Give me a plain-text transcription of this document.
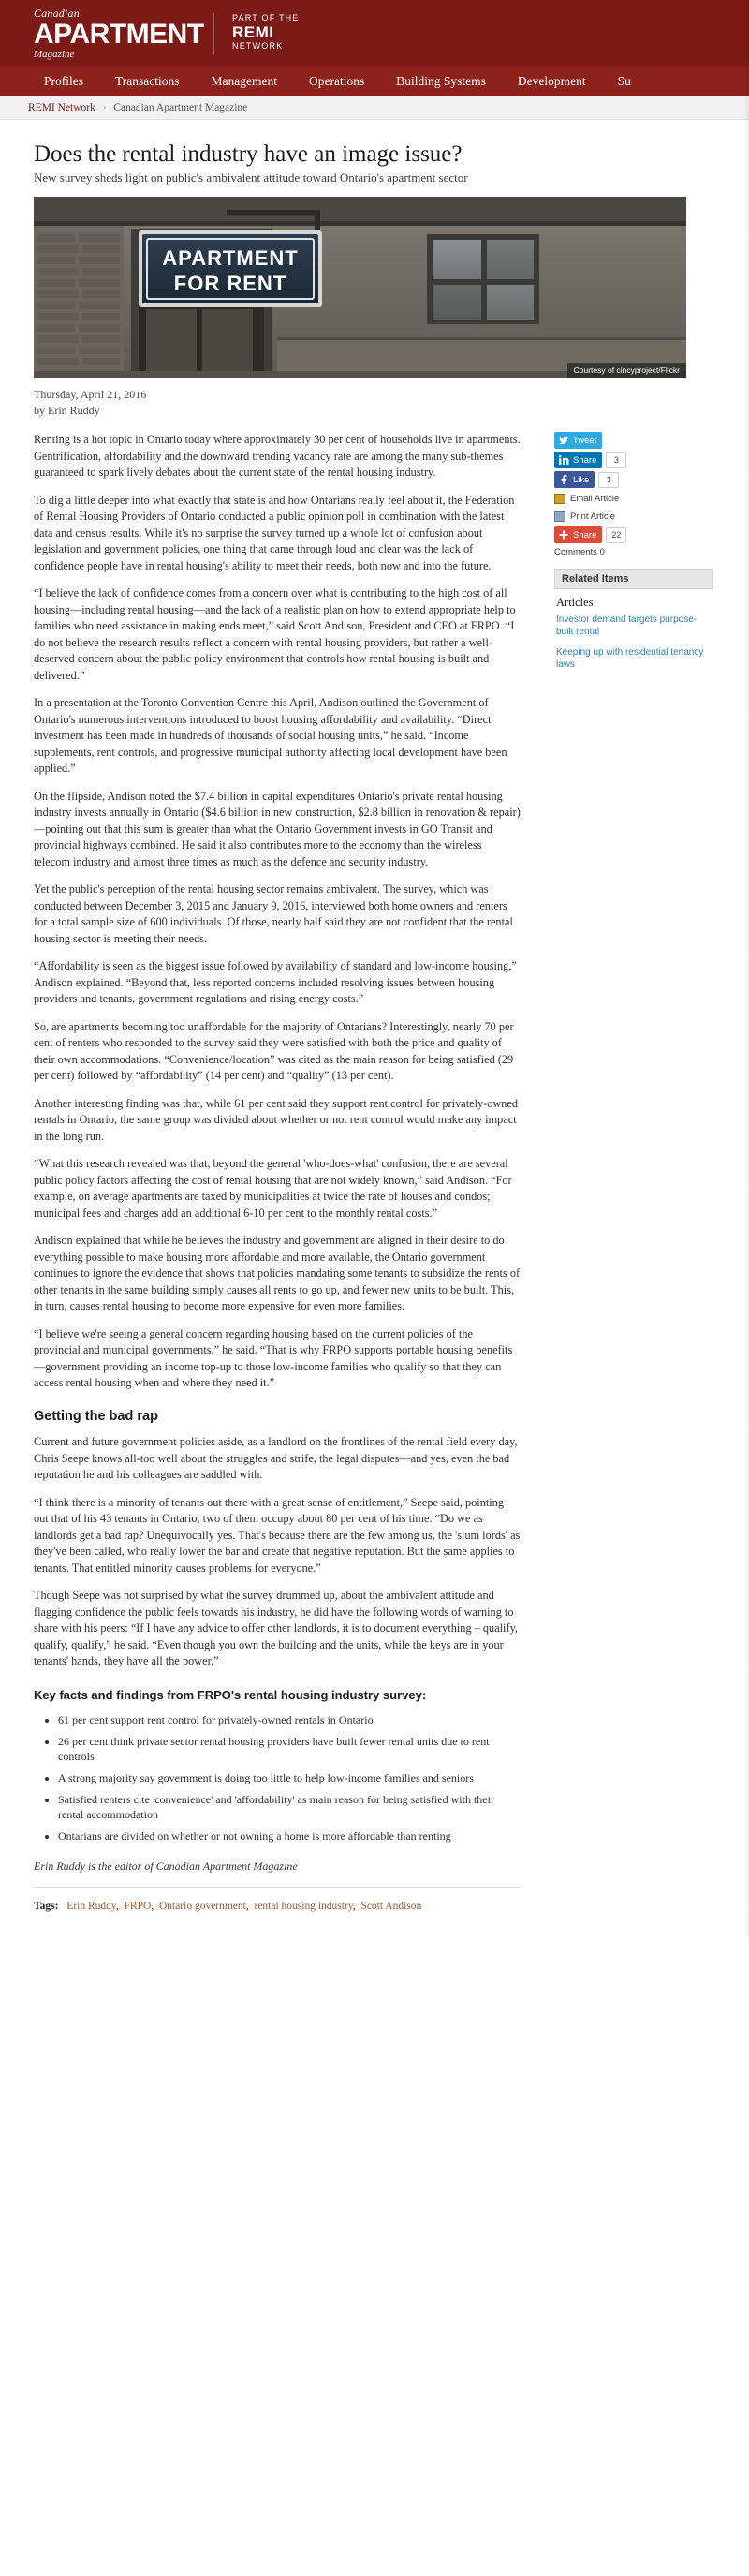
Canadian
APARTMENT
Magazine
PART OF THE
REMI
NETWORK
Profiles	Transactions	Management	Operations	Building Systems	Development	Su
REMI Network › Canadian Apartment Magazine
Does the rental industry have an image issue?
New survey sheds light on public's ambivalent attitude toward Ontario's apartment sector
APARTMENT
FOR RENT
Courtesy of cincyproject/Flickr
Thursday, April 21, 2016
by Erin Ruddy
Tweet
Share	3
Like	3
Email Article
Print Article
Share	22
Comments 0
Related Items
Articles
Investor demand targets purpose-built rental
Keeping up with residential tenancy laws

Renting is a hot topic in Ontario today where approximately 30 per cent of households live in apartments. Gentrification, affordability and the downward trending vacancy rate are among the many sub-themes guaranteed to spark lively debates about the current state of the rental housing industry.

To dig a little deeper into what exactly that state is and how Ontarians really feel about it, the Federation of Rental Housing Providers of Ontario conducted a public opinion poll in combination with the latest data and census results. While it's no surprise the survey turned up a whole lot of confusion about legislation and government policies, one thing that came through loud and clear was the lack of confidence people have in rental housing's ability to meet their needs, both now and into the future.

“I believe the lack of confidence comes from a concern over what is contributing to the high cost of all housing—including rental housing—and the lack of a realistic plan on how to extend appropriate help to families who need assistance in making ends meet,” said Scott Andison, President and CEO at FRPO. “I do not believe the research results reflect a concern with rental housing providers, but rather a well-deserved concern about the public policy environment that controls how rental housing is built and delivered.”

In a presentation at the Toronto Convention Centre this April, Andison outlined the Government of Ontario's numerous interventions introduced to boost housing affordability and availability. “Direct investment has been made in hundreds of thousands of social housing units,” he said. “Income supplements, rent controls, and progressive municipal authority affecting local development have been applied.”

On the flipside, Andison noted the $7.4 billion in capital expenditures Ontario's private rental housing industry invests annually in Ontario ($4.6 billion in new construction, $2.8 billion in renovation & repair)—pointing out that this sum is greater than what the Ontario Government invests in GO Transit and provincial highways combined. He said it also contributes more to the economy than the wireless telecom industry and almost three times as much as the defence and security industry.

Yet the public's perception of the rental housing sector remains ambivalent. The survey, which was conducted between December 3, 2015 and January 9, 2016, interviewed both home owners and renters for a total sample size of 600 individuals. Of those, nearly half said they are not confident that the rental housing sector is meeting their needs.

“Affordability is seen as the biggest issue followed by availability of standard and low-income housing,” Andison explained. “Beyond that, less reported concerns included resolving issues between housing providers and tenants, government regulations and rising energy costs.”

So, are apartments becoming too unaffordable for the majority of Ontarians? Interestingly, nearly 70 per cent of renters who responded to the survey said they were satisfied with both the price and quality of their own accommodations. “Convenience/location” was cited as the main reason for being satisfied (29 per cent) followed by “affordability” (14 per cent) and “quality” (13 per cent).

Another interesting finding was that, while 61 per cent said they support rent control for privately-owned rentals in Ontario, the same group was divided about whether or not rent control would make any impact in the long run.

“What this research revealed was that, beyond the general 'who-does-what' confusion, there are several public policy factors affecting the cost of rental housing that are not widely known,” said Andison. “For example, on average apartments are taxed by municipalities at twice the rate of houses and condos; municipal fees and charges add an additional 6-10 per cent to the monthly rental costs.”

Andison explained that while he believes the industry and government are aligned in their desire to do everything possible to make housing more affordable and more available, the Ontario government continues to ignore the evidence that shows that policies mandating some tenants to subsidize the rents of other tenants in the same building simply causes all rents to go up, and fewer new units to be built. This, in turn, causes rental housing to become more expensive for even more families.

“I believe we're seeing a general concern regarding housing based on the current policies of the provincial and municipal governments,” he said. “That is why FRPO supports portable housing benefits—government providing an income top-up to those low-income families who qualify so that they can access rental housing when and where they need it.”

Getting the bad rap

Current and future government policies aside, as a landlord on the frontlines of the rental field every day, Chris Seepe knows all-too well about the struggles and strife, the legal disputes—and yes, even the bad reputation he and his colleagues are saddled with.

“I think there is a minority of tenants out there with a great sense of entitlement,” Seepe said, pointing out that of his 43 tenants in Ontario, two of them occupy about 80 per cent of his time. “Do we as landlords get a bad rap? Unequivocally yes. That's because there are the few among us, the 'slum lords' as they've been called, who really lower the bar and create that negative reputation. But the same applies to tenants. That entitled minority causes problems for everyone.”

Though Seepe was not surprised by what the survey drummed up, about the ambivalent attitude and flagging confidence the public feels towards his industry, he did have the following words of warning to share with his peers: “If I have any advice to offer other landlords, it is to document everything – qualify, qualify, qualify,” he said. “Even though you own the building and the units, while the keys are in your tenants' hands, they have all the power.”

Key facts and findings from FRPO's rental housing industry survey:
• 61 per cent support rent control for privately-owned rentals in Ontario
• 26 per cent think private sector rental housing providers have built fewer rental units due to rent controls
• A strong majority say government is doing too little to help low-income families and seniors
• Satisfied renters cite 'convenience' and 'affordability' as main reason for being satisfied with their rental accommodation
• Ontarians are divided on whether or not owning a home is more affordable than renting
Erin Ruddy is the editor of Canadian Apartment Magazine
Tags: Erin Ruddy,  FRPO,  Ontario government,  rental housing industry,  Scott Andison
